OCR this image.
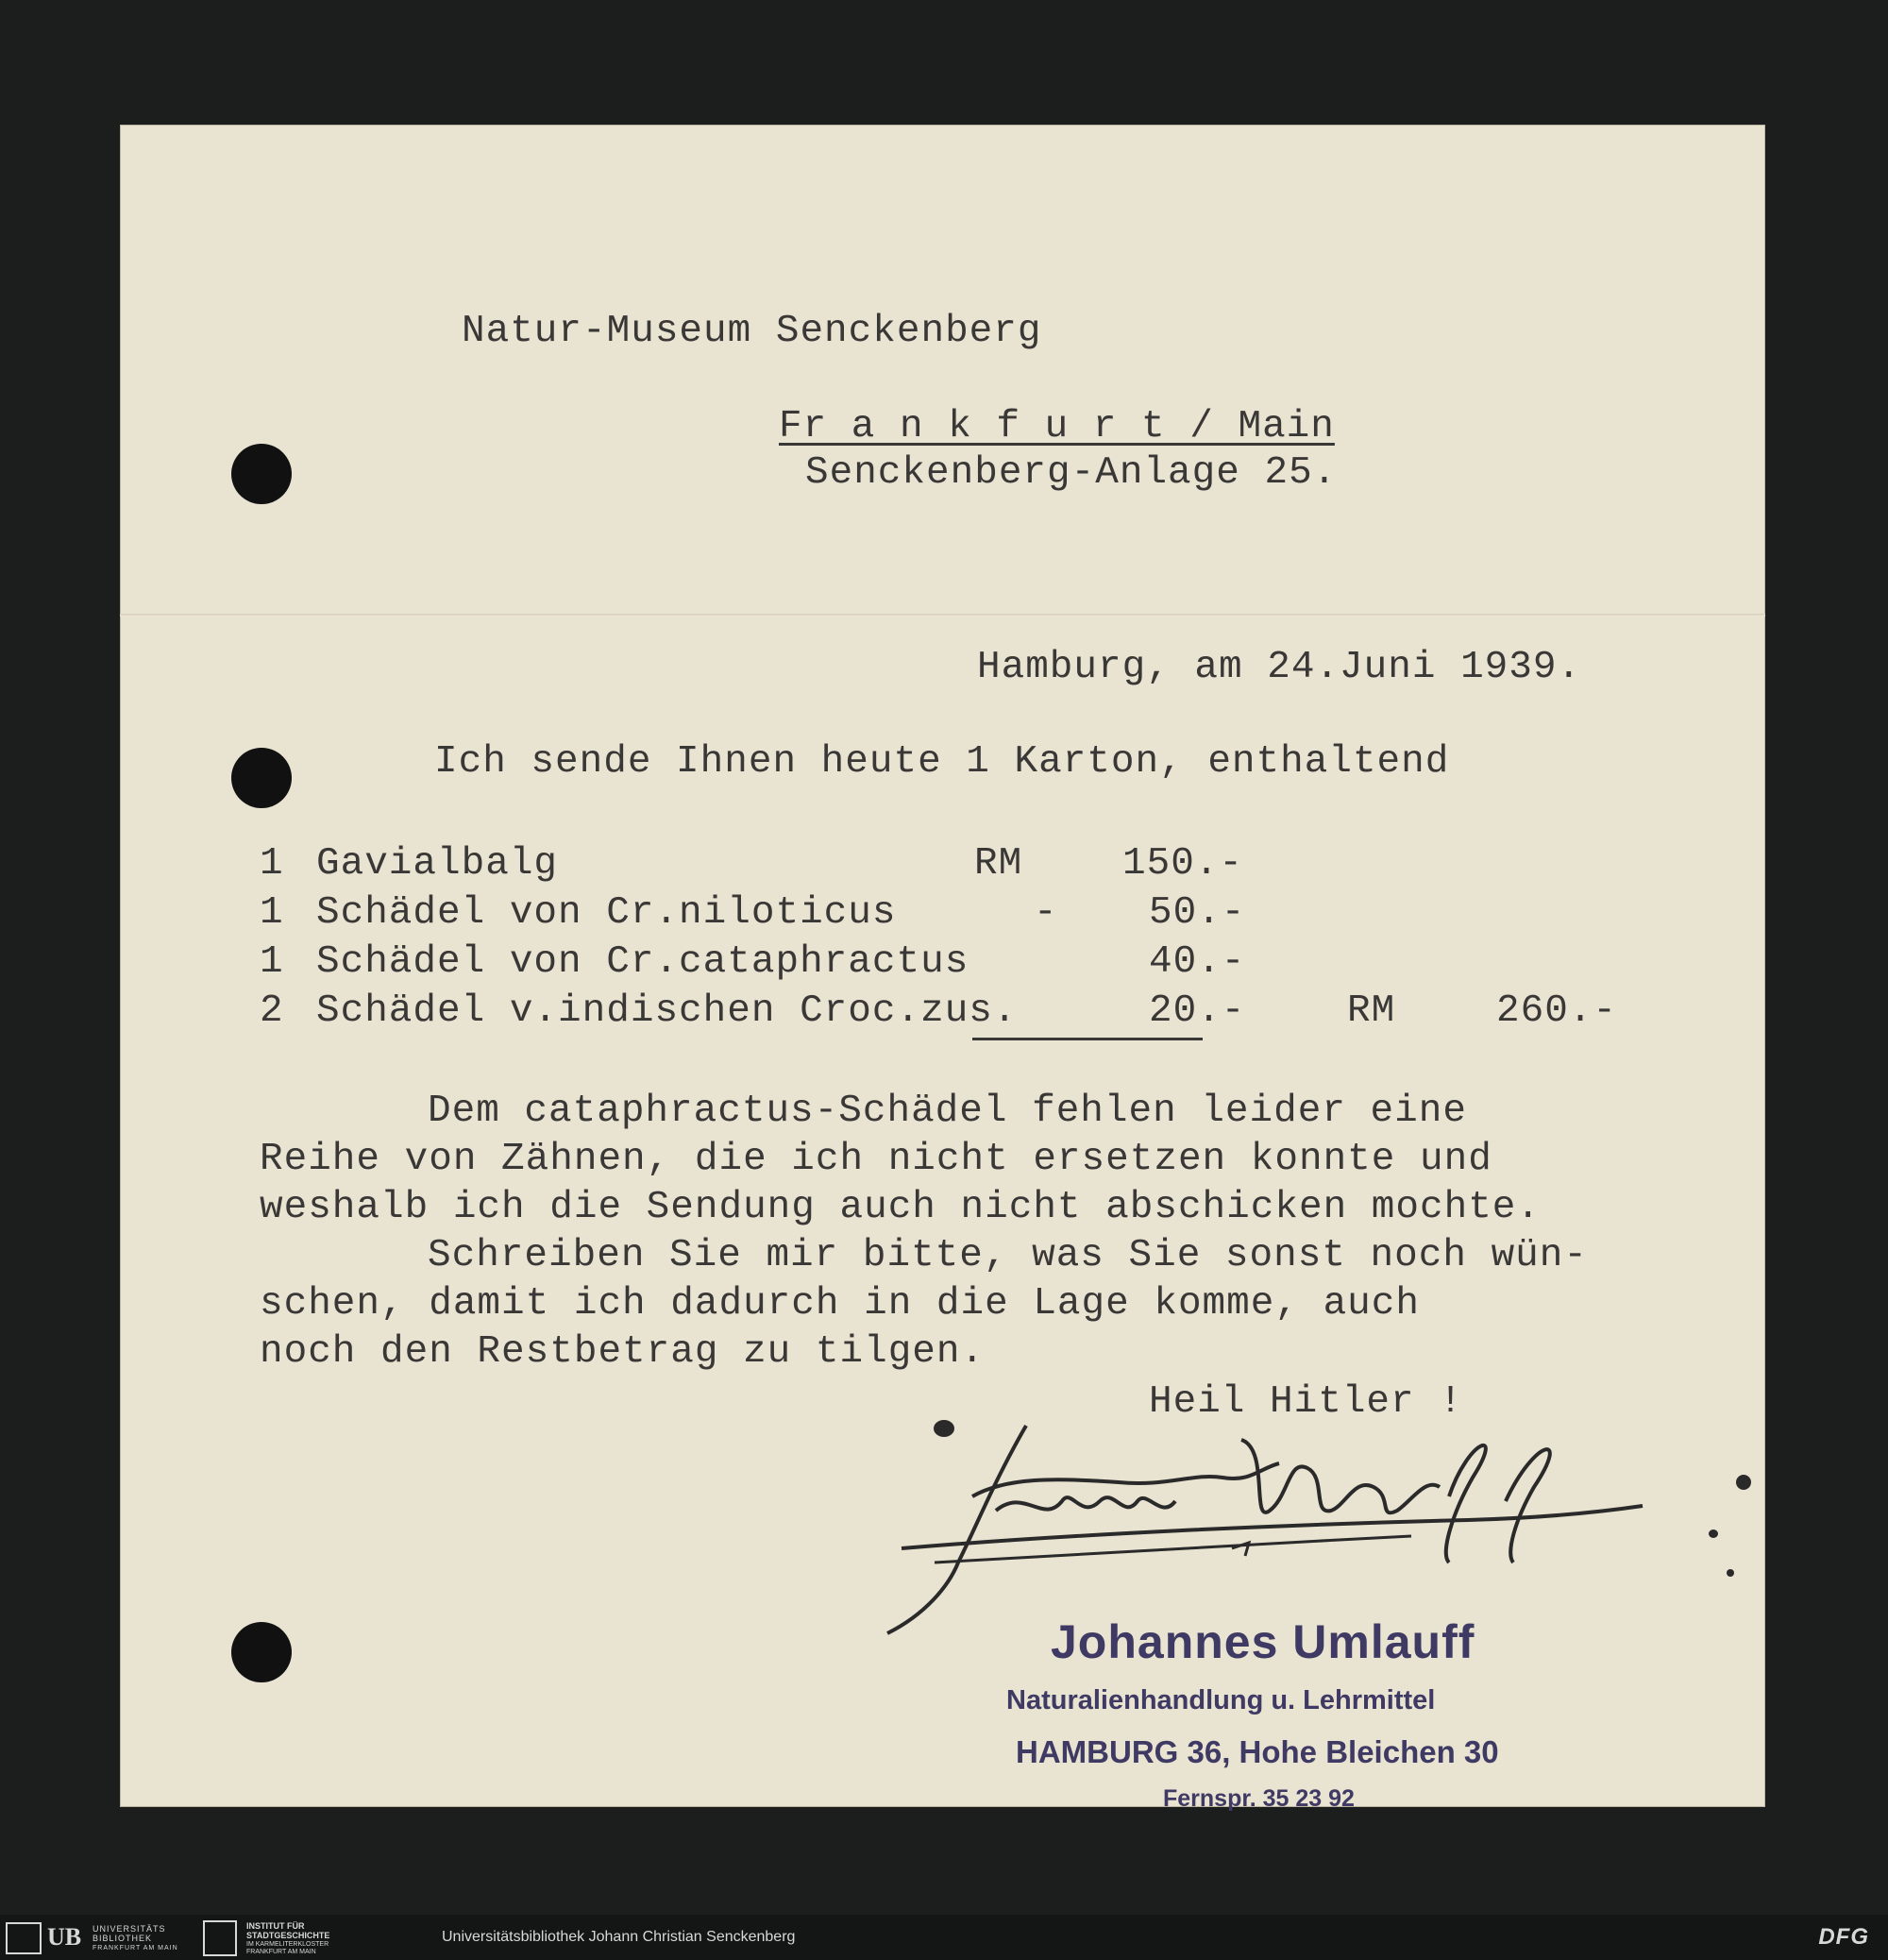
Natur-Museum Senckenberg
Fr a n k f u r t / Main
Senckenberg-Anlage 25.
Hamburg, am 24.Juni 1939.
Ich sende Ihnen heute 1 Karton, enthaltend
1 Gavialbalg	RM	150.-
1 Schädel von Cr.niloticus	- 50.-
1 Schädel von Cr.cataphractus	40.-
2 Schädel v.indischen Croc.zus.	20.-	RM	260.-
Dem cataphractus-Schädel fehlen leider eine
Reihe von Zähnen, die ich nicht ersetzen konnte und
weshalb ich die Sendung auch nicht abschicken mochte.
Schreiben Sie mir bitte, was Sie sonst noch wün-
schen, damit ich dadurch in die Lage komme, auch
noch den Restbetrag zu tilgen.
Heil Hitler !
Johannes Umlauff
Naturalienhandlung u. Lehrmittel
HAMBURG 36, Hohe Bleichen 30
Fernspr. 35 23 92
UB UNIVERSITÄTS
BIBLIOTHEK
FRANKFURT AM MAIN
INSTITUT FÜR
STADTGESCHICHTE
IM KARMELITERKLOSTER
FRANKFURT AM MAIN
Universitätsbibliothek Johann Christian Senckenberg	DFG
